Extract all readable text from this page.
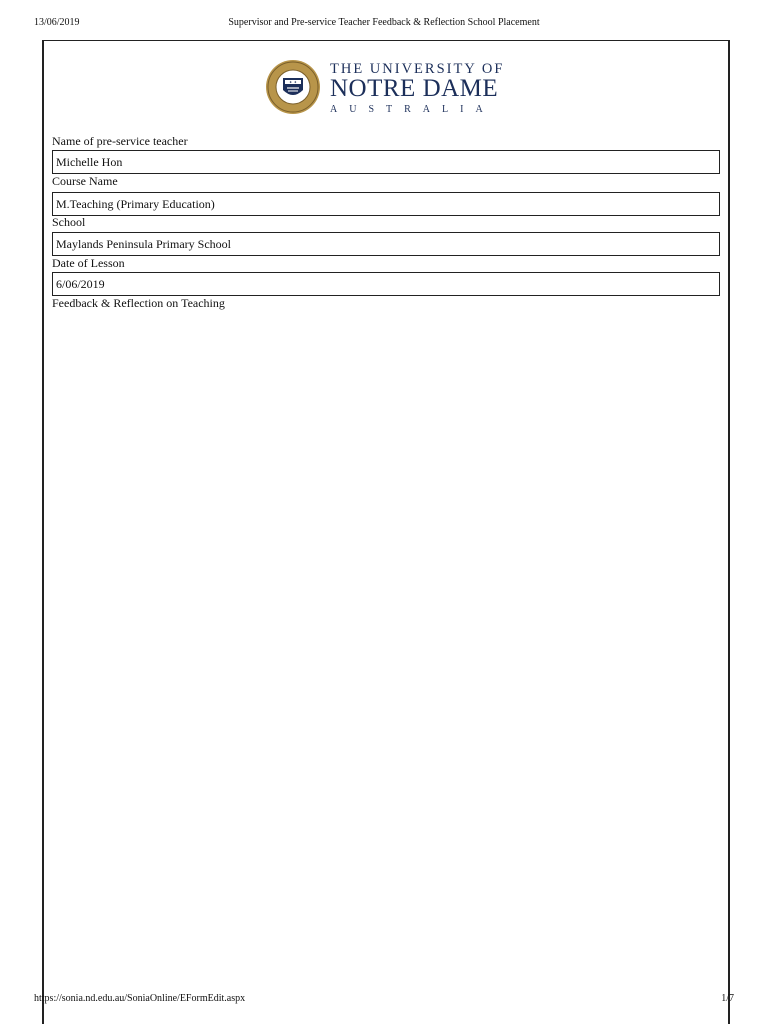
13/06/2019	Supervisor and Pre-service Teacher Feedback & Reflection School Placement
✦ ✦
THE UNIVERSITY OF
NOTRE DAME
AUSTRALIA
Name of pre-service teacher
Michelle Hon
Course Name
M.Teaching (Primary Education)
School
Maylands Peninsula Primary School
Date of Lesson
6/06/2019
Feedback & Reflection on Teaching
https://sonia.nd.edu.au/SoniaOnline/EFormEdit.aspx	1/7
